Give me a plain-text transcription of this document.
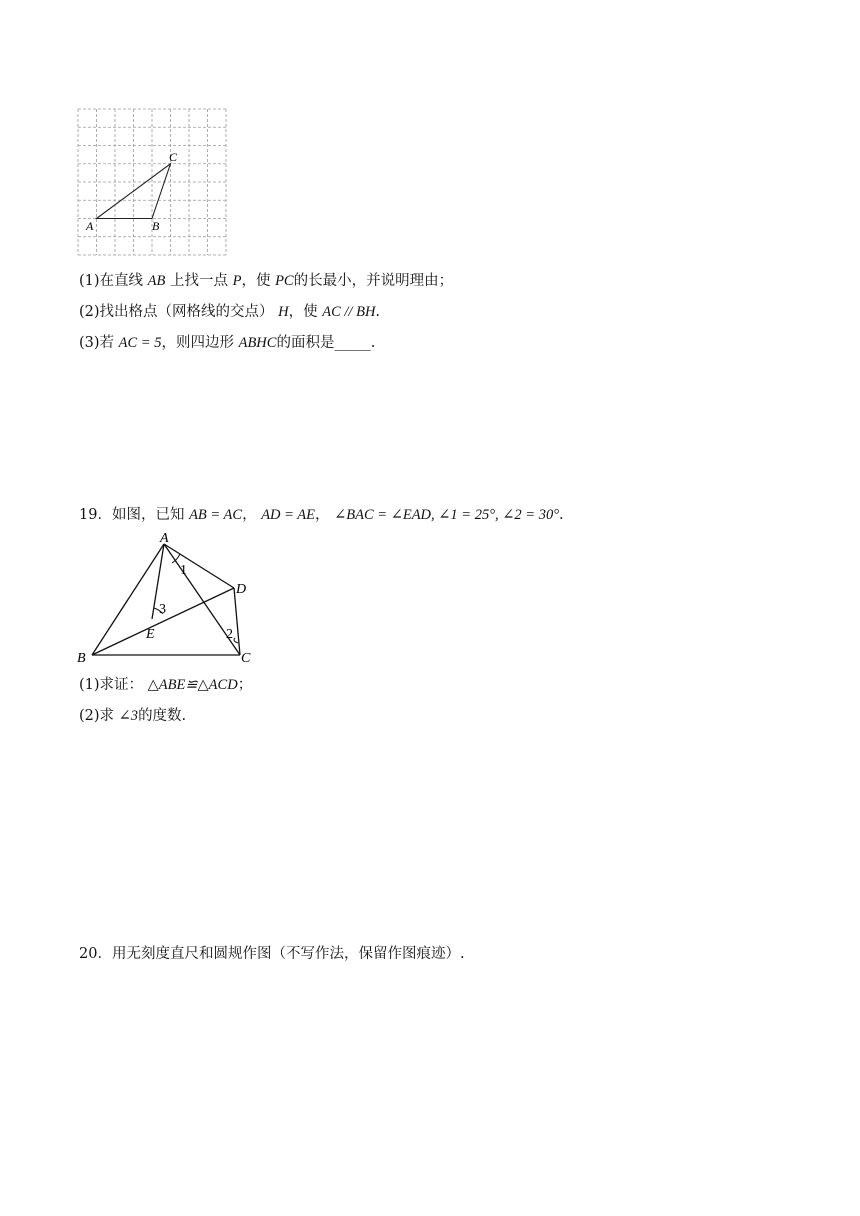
A	B
C
(1)在直线 AB 上找一点 P，使 PC的长最小，并说明理由；
(2)找出格点（网格线的交点） H，使 AC // BH.
(3)若 AC = 5，则四边形 ABHC的面积是_____.
19．如图，已知 AB = AC， AD = AE， ∠BAC = ∠EAD, ∠1 = 25°, ∠2 = 30°.
A
B	C
D
E
1
2
3
(1)求证： △ABE≌△ACD；
(2)求 ∠3的度数.
20．用无刻度直尺和圆规作图（不写作法，保留作图痕迹）.
